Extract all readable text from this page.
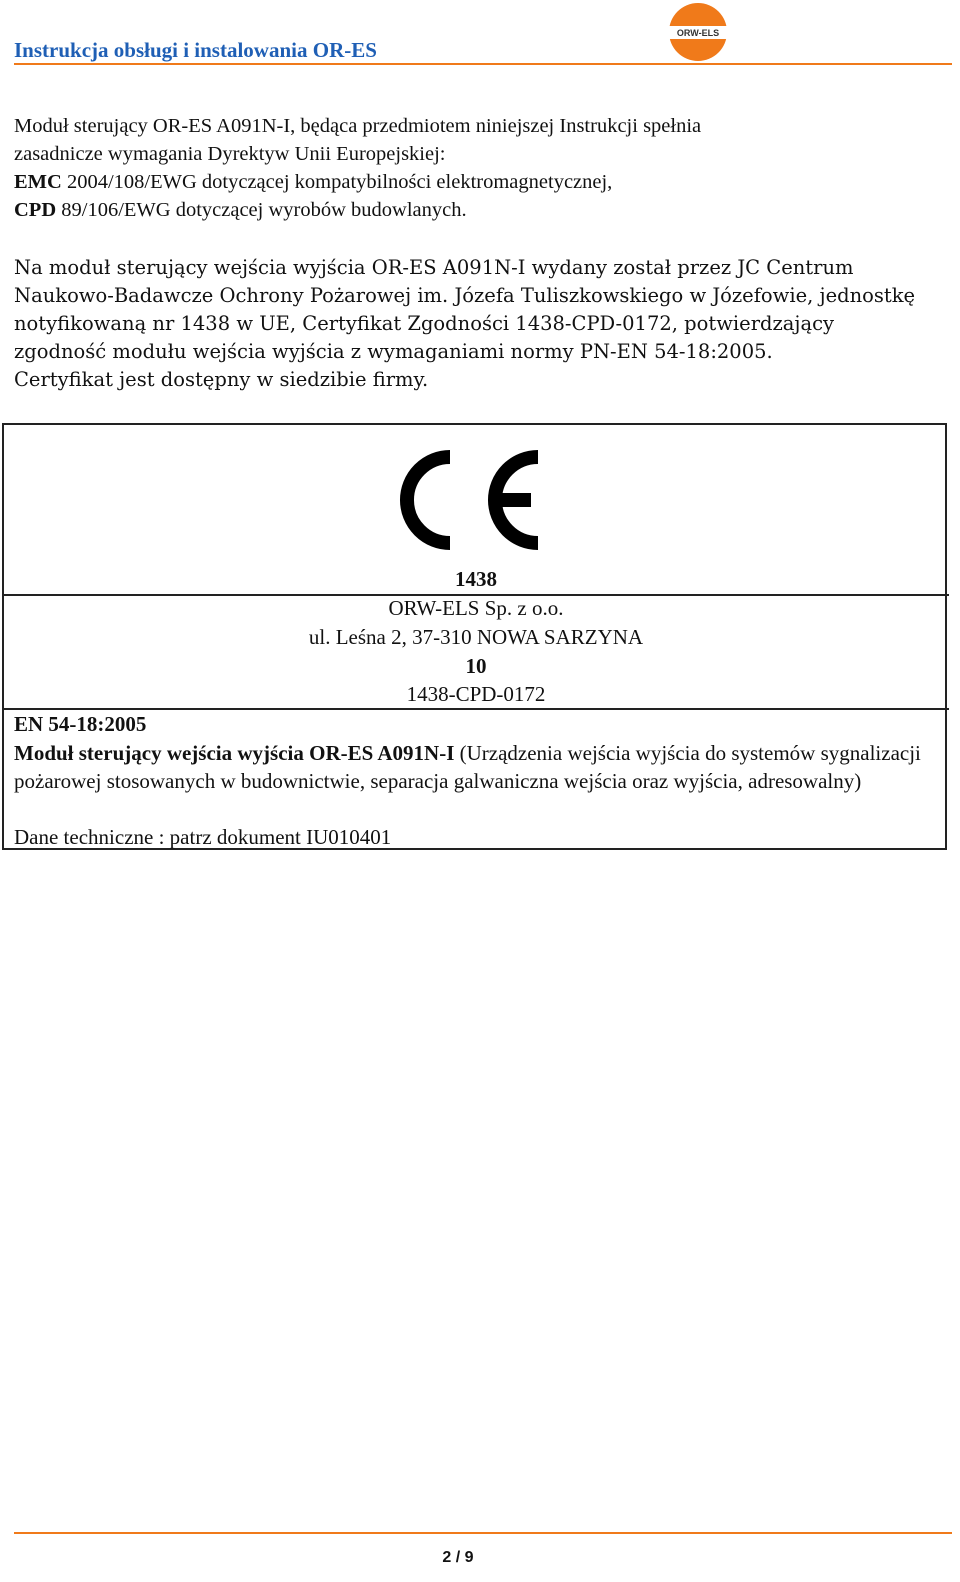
Instrukcja obsługi i instalowania OR-ES
ORW-ELS
Moduł sterujący OR-ES A091N-I, będąca przedmiotem niniejszej Instrukcji spełnia
zasadnicze wymagania Dyrektyw Unii Europejskiej:
EMC 2004/108/EWG dotyczącej kompatybilności elektromagnetycznej,
CPD 89/106/EWG dotyczącej wyrobów budowlanych.
Na moduł sterujący wejścia wyjścia OR-ES A091N-I wydany został przez JC Centrum
Naukowo-Badawcze Ochrony Pożarowej im. Józefa Tuliszkowskiego w Józefowie, jednostkę
notyfikowaną nr 1438 w UE, Certyfikat Zgodności 1438-CPD-0172, potwierdzający
zgodność modułu wejścia wyjścia z wymaganiami normy PN-EN 54-18:2005.
Certyfikat jest dostępny w siedzibie firmy.
1438
ORW-ELS Sp. z o.o.
ul. Leśna 2, 37-310 NOWA SARZYNA
10
1438-CPD-0172
EN 54-18:2005
Moduł sterujący wejścia wyjścia OR-ES A091N-I (Urządzenia wejścia wyjścia do systemów sygnalizacji pożarowej stosowanych w budownictwie, separacja galwaniczna wejścia oraz wyjścia, adresowalny)
Dane techniczne : patrz dokument IU010401
2 / 9
